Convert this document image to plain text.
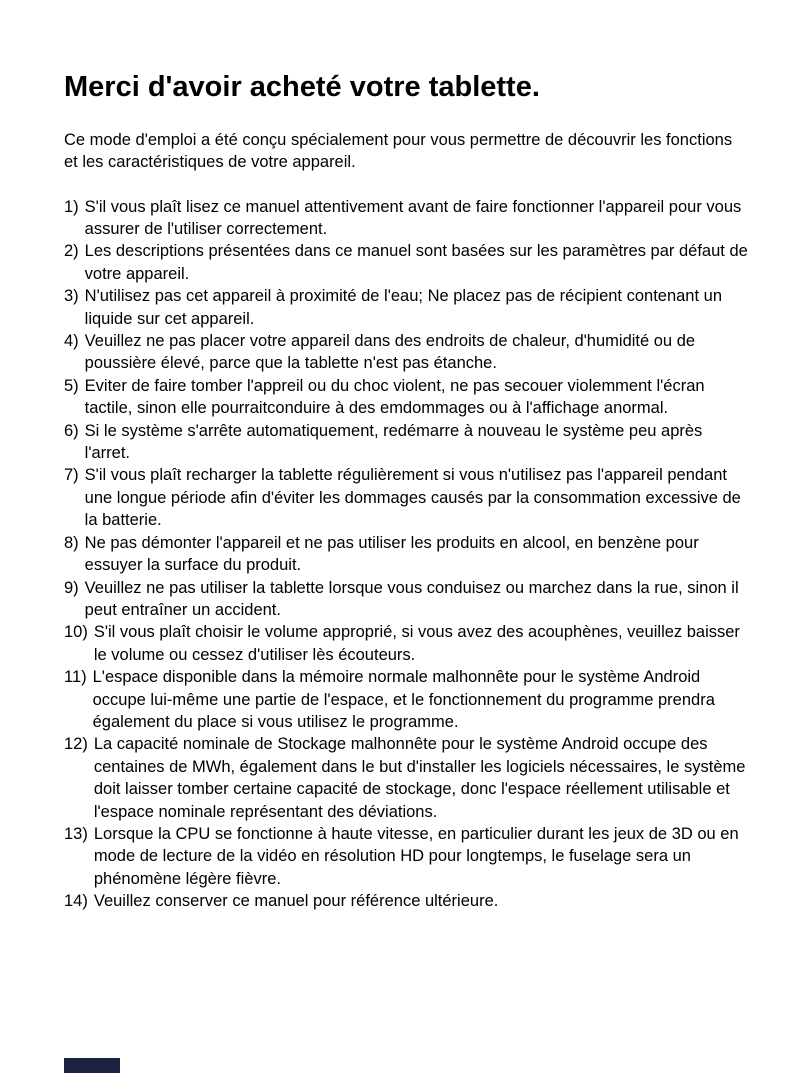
Merci d'avoir acheté votre tablette.

Ce mode d'emploi a été conçu spécialement pour vous permettre de découvrir les fonctions et les caractéristiques de votre appareil.

1) S'il vous plaît lisez ce manuel attentivement avant de faire fonctionner l'appareil pour vous assurer de l'utiliser correctement.
2) Les descriptions présentées dans ce manuel sont basées sur les paramètres par défaut de votre appareil.
3) N'utilisez pas cet appareil à proximité de l'eau; Ne placez pas de récipient contenant un liquide sur cet appareil.
4) Veuillez ne pas placer votre appareil dans des endroits de chaleur, d'humidité ou de poussière élevé, parce que la tablette n'est pas étanche.
5) Eviter de faire tomber l'appreil ou du choc violent, ne pas secouer violemment l'écran tactile, sinon elle pourraitconduire à des emdommages ou à l'affichage anormal.
6) Si le système s'arrête automatiquement, redémarre à nouveau le système peu après l'arret.
7) S'il vous plaît recharger la tablette régulièrement si vous n'utilisez pas l'appareil pendant une longue période afin d'éviter les dommages causés par la consommation excessive de la batterie.
8) Ne pas démonter l'appareil et ne pas utiliser les produits en alcool, en benzène pour essuyer la surface du produit.
9) Veuillez ne pas utiliser la tablette lorsque vous conduisez ou marchez dans la rue, sinon il peut entraîner un accident.
10) S'il vous plaît choisir le volume approprié, si vous avez des acouphènes, veuillez baisser le volume ou cessez d'utiliser lès écouteurs.
11) L'espace disponible dans la mémoire normale malhonnête pour le système Android occupe lui-même une partie de l'espace, et le fonctionnement du programme prendra également du place si vous utilisez le programme.
12) La capacité nominale de Stockage malhonnête pour le système Android occupe des centaines de MWh, également dans le but d'installer les logiciels nécessaires, le système doit laisser tomber certaine capacité de stockage, donc l'espace réellement utilisable et l'espace nominale représentant des déviations.
13) Lorsque la CPU se fonctionne à haute vitesse, en particulier durant les jeux de 3D ou en mode de lecture de la vidéo en résolution HD pour longtemps, le fuselage sera un phénomène légère fièvre.
14) Veuillez conserver ce manuel pour référence ultérieure.
